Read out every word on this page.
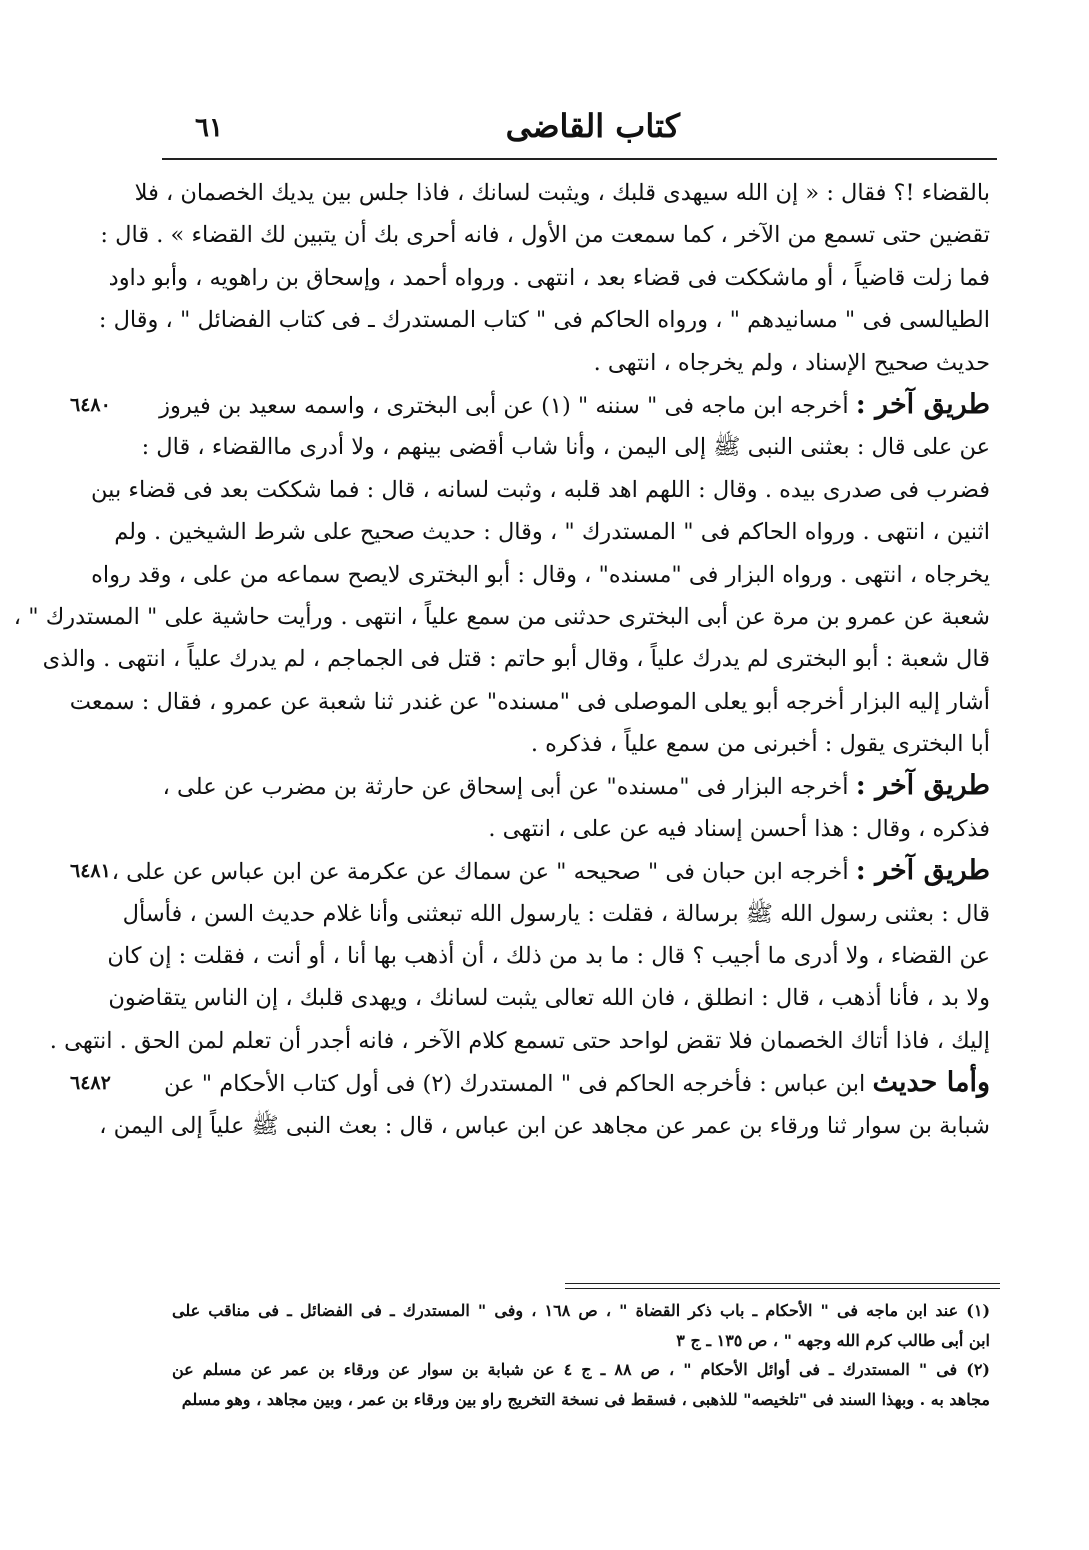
كتاب القاضى
٦١
بالقضاء !؟ فقال : « إن الله سيهدى قلبك ، ويثبت لسانك ، فاذا جلس بين يديك الخصمان ، فلا
تقضين حتى تسمع من الآخر ، كما سمعت من الأول ، فانه أحرى بك أن يتبين لك القضاء » . قال :
فما زلت قاضياً ، أو ماشككت فى قضاء بعد ، انتهى . ورواه أحمد ، وإسحاق بن راهويه ، وأبو داود
الطيالسى فى " مسانيدهم " ، ورواه الحاكم فى " كتاب المستدرك ـ فى كتاب الفضائل " ، وقال :
حديث صحيح الإسناد ، ولم يخرجاه ، انتهى .
طريق آخر : أخرجه ابن ماجه فى " سننه " (١) عن أبى البخترى ، واسمه سعيد بن فيروز
عن على قال : بعثنى النبى ﷺ إلى اليمن ، وأنا شاب أقضى بينهم ، ولا أدرى ماالقضاء ، قال :
فضرب فى صدرى بيده . وقال : اللهم اهد قلبه ، وثبت لسانه ، قال : فما شككت بعد فى قضاء بين
اثنين ، انتهى . ورواه الحاكم فى " المستدرك " ، وقال : حديث صحيح على شرط الشيخين . ولم
يخرجاه ، انتهى . ورواه البزار فى "مسنده" ، وقال : أبو البخترى لايصح سماعه من على ، وقد رواه
شعبة عن عمرو بن مرة عن أبى البخترى حدثنى من سمع علياً ، انتهى . ورأيت حاشية على " المستدرك " ،
قال شعبة : أبو البخترى لم يدرك علياً ، وقال أبو حاتم : قتل فى الجماجم ، لم يدرك علياً ، انتهى . والذى
أشار إليه البزار أخرجه أبو يعلى الموصلى فى "مسنده" عن غندر ثنا شعبة عن عمرو ، فقال : سمعت
أبا البخترى يقول : أخبرنى من سمع علياً ، فذكره .
طريق آخر : أخرجه البزار فى "مسنده" عن أبى إسحاق عن حارثة بن مضرب عن على ،
فذكره ، وقال : هذا أحسن إسناد فيه عن على ، انتهى .
طريق آخر : أخرجه ابن حبان فى " صحيحه " عن سماك عن عكرمة عن ابن عباس عن على ،
قال : بعثنى رسول الله ﷺ برسالة ، فقلت : يارسول الله تبعثنى وأنا غلام حديث السن ، فأسأل
عن القضاء ، ولا أدرى ما أجيب ؟ قال : ما بد من ذلك ، أن أذهب بها أنا ، أو أنت ، فقلت : إن كان
ولا بد ، فأنا أذهب ، قال : انطلق ، فان الله تعالى يثبت لسانك ، ويهدى قلبك ، إن الناس يتقاضون
إليك ، فاذا أتاك الخصمان فلا تقض لواحد حتى تسمع كلام الآخر ، فانه أجدر أن تعلم لمن الحق . انتهى .
وأما حديث ابن عباس : فأخرجه الحاكم فى " المستدرك (٢) فى أول كتاب الأحكام " عن
شبابة بن سوار ثنا ورقاء بن عمر عن مجاهد عن ابن عباس ، قال : بعث النبى ﷺ علياً إلى اليمن ،
٦٤٨٠
٦٤٨١
٦٤٨٢
(١) عند ابن ماجه فى " الأحكام ـ باب ذكر القضاة " ، ص ١٦٨ ، وفى " المستدرك ـ فى الفضائل ـ فى مناقب على
ابن أبى طالب كرم الله وجهه " ، ص ١٣٥ ـ ج ٣
(٢) فى " المستدرك ـ فى أوائل الأحكام " ، ص ٨٨ ـ ج ٤ عن شبابة بن سوار عن ورقاء بن عمر عن مسلم عن
مجاهد به . وبهذا السند فى "تلخيصه" للذهبى ، فسقط فى نسخة التخريج راو بين ورقاء بن عمر ، وبين مجاهد ، وهو مسلم
